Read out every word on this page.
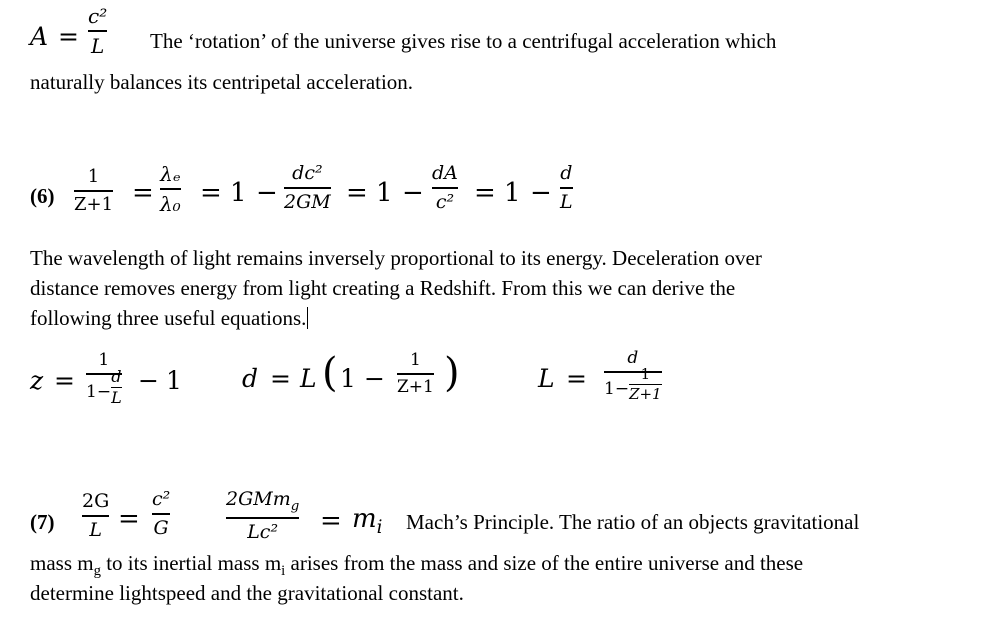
A =
c²
L The ‘rotation’ of the universe gives rise to a centrifugal acceleration which
naturally balances its centripetal acceleration.
(6)
1
Z+1 =
λₑ
λ₀ = 1 −
dc²
2GM = 1 −
dA
c² = 1 −
d
L
The wavelength of light remains inversely proportional to its energy. Deceleration over
distance removes energy from light creating a Redshift. From this we can derive the
following three useful equations.
z =
1
1−
d
L
− 1 d = L ( 1 −
1
Z+1 )	L =
d
1−
1
Z+1
(7)
2G
L =
c²
G
2GMm$_g$
$Lc^2 = m_i$ Mach’s Principle. The ratio of an objects gravitational
mass $m_g$ to its inertial mass $m_i$ arises from the mass and size of the entire universe and these
determine lightspeed and the gravitational constant.
